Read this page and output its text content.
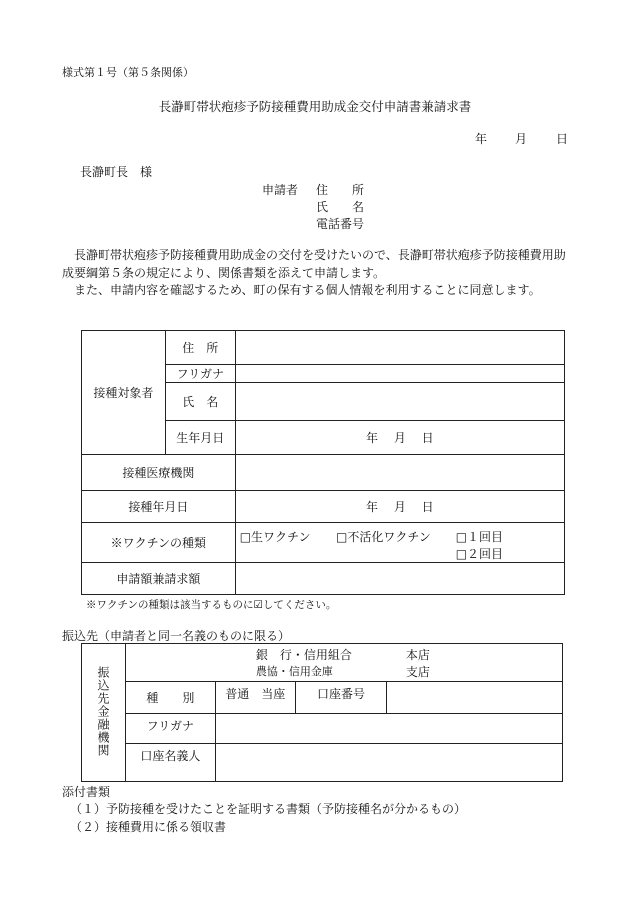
様式第１号（第５条関係）
長瀞町帯状疱疹予防接種費用助成金交付申請書兼請求書
年 月 日
長瀞町長　様
申請者 住　　所
氏　　名
電話番号
　長瀞町帯状疱疹予防接種費用助成金の交付を受けたいので、長瀞町帯状疱疹予防接種費用助成要綱第５条の規定により、関係書類を添えて申請します。
　また、申請内容を確認するため、町の保有する個人情報を利用することに同意します。
接種対象者	住　所			
	フリガナ			
	氏　名			
	生年月日	年　 月　 日		
接種医療機関				
接種年月日		年　 月　 日		
※ワクチンの種類		□生ワクチン	□不活化ワクチン	□１回目
□２回目

申請額兼請求額				
※ワクチンの種類は該当するものに☑してください。
振込先（申請者と同一名義のものに限る）
振込先金融機関	銀　行・信用組合
農協・信用金庫
本店
支店			

	種　　別	普通　当座	口座番号	
	フリガナ			
	口座名義人			
添付書類
（１）予防接種を受けたことを証明する書類（予防接種名が分かるもの）
（２）接種費用に係る領収書
